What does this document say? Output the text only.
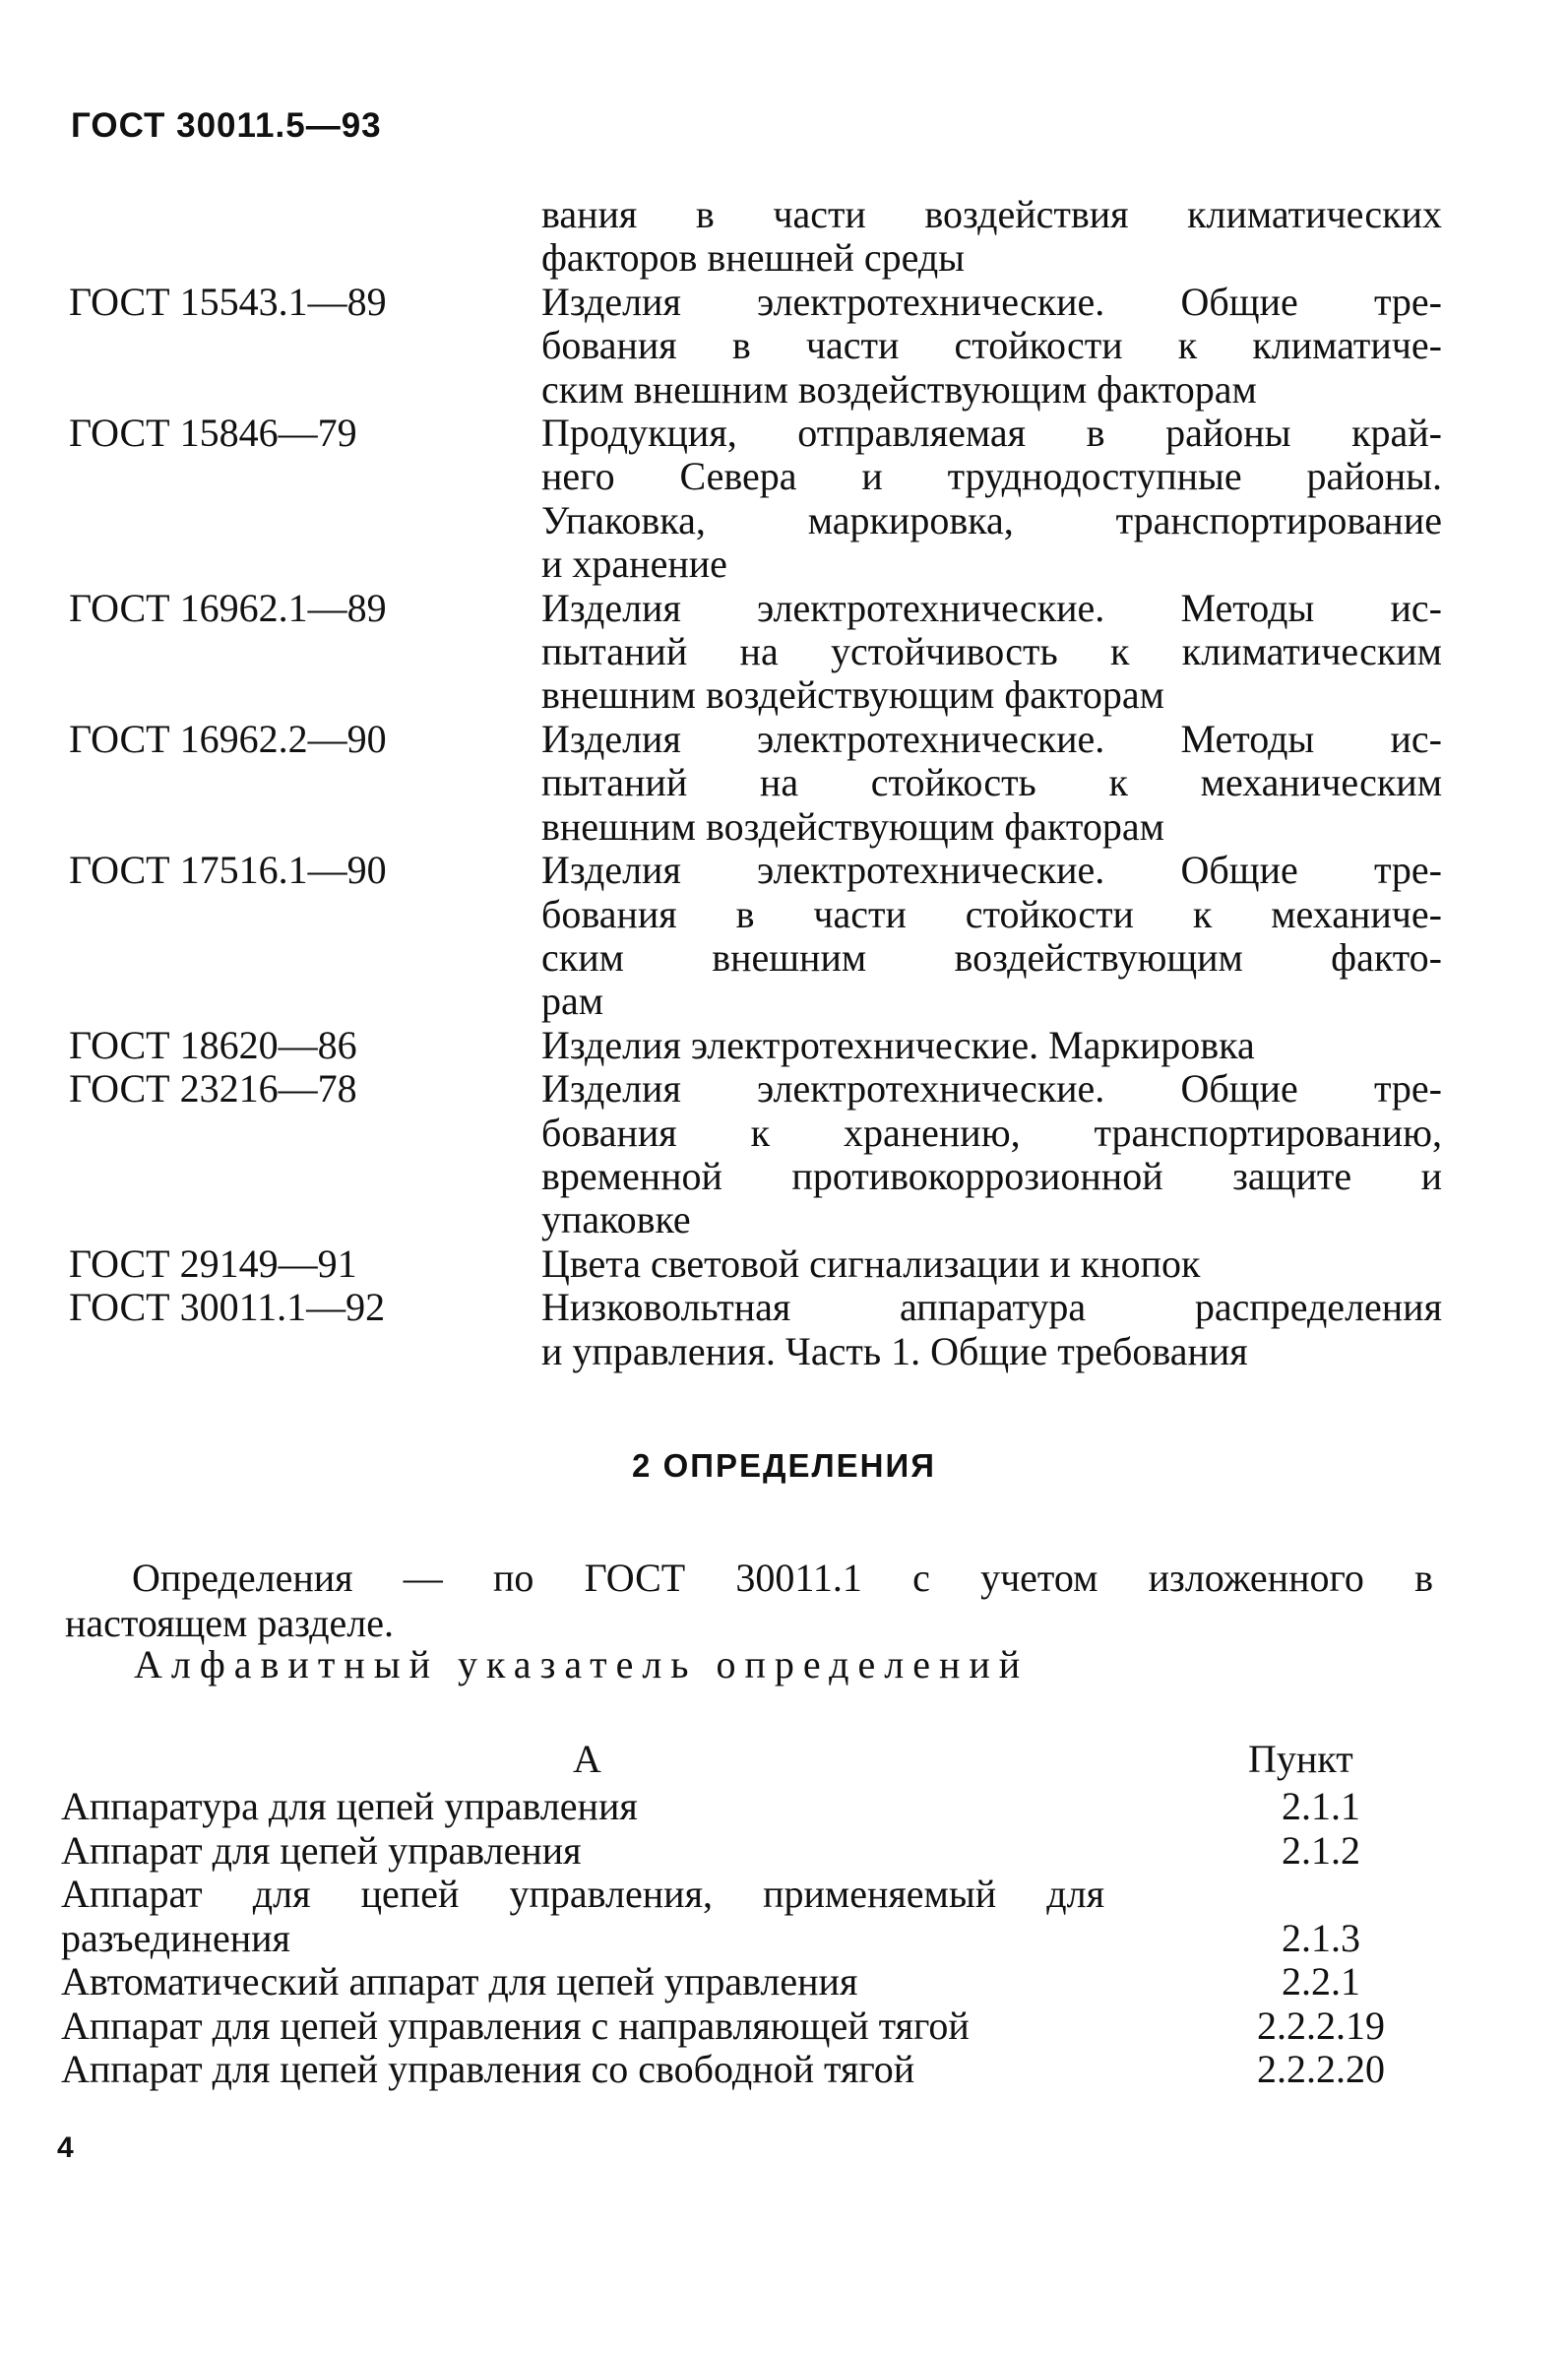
ГОСТ 30011.5—93
вания в части воздействия климатических
факторов внешней среды
ГОСТ 15543.1—89	Изделия электротехнические. Общие тре-
бования в части стойкости к климатиче-
ским внешним воздействующим факторам
ГОСТ 15846—79	Продукция, отправляемая в районы край-
него Севера и труднодоступные районы.
Упаковка, маркировка, транспортирование
и хранение
ГОСТ 16962.1—89	Изделия электротехнические. Методы ис-
пытаний на устойчивость к климатическим
внешним воздействующим факторам
ГОСТ 16962.2—90	Изделия электротехнические. Методы ис-
пытаний на стойкость к механическим
внешним воздействующим факторам
ГОСТ 17516.1—90	Изделия электротехнические. Общие тре-
бования в части стойкости к механиче-
ским внешним воздействующим факто-
рам
ГОСТ 18620—86	Изделия электротехнические. Маркировка
ГОСТ 23216—78	Изделия электротехнические. Общие тре-
бования к хранению, транспортированию,
временной противокоррозионной защите и
упаковке
ГОСТ 29149—91	Цвета световой сигнализации и кнопок
ГОСТ 30011.1—92	Низковольтная аппаратура распределения
и управления. Часть 1. Общие требования
2 ОПРЕДЕЛЕНИЯ
Определения — по ГОСТ 30011.1 с учетом изложенного в
настоящем разделе.
Алфавитный указатель определений
А	Пункт
Аппаратура для цепей управления	2.1.1
Аппарат для цепей управления	2.1.2
Аппарат для цепей управления, применяемый для разъединения	2.1.3
Автоматический аппарат для цепей управления	2.2.1
Аппарат для цепей управления с направляющей тягой	2.2.2.19
Аппарат для цепей управления со свободной тягой	2.2.2.20
4
